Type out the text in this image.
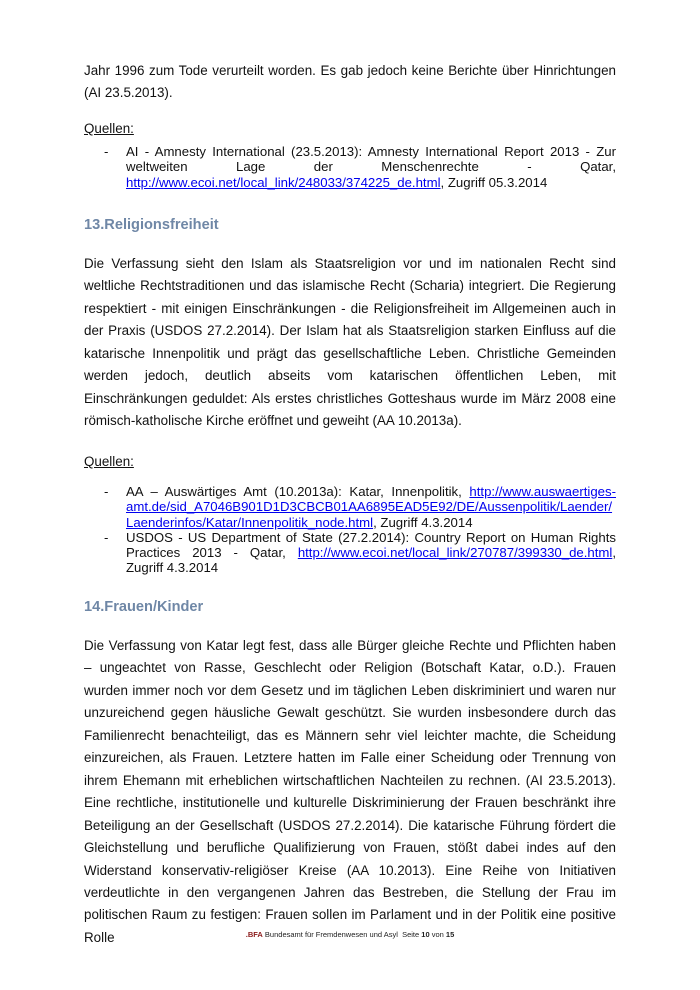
Jahr 1996 zum Tode verurteilt worden. Es gab jedoch keine Berichte über Hinrichtungen (AI 23.5.2013).
Quellen:
- AI - Amnesty International (23.5.2013): Amnesty International Report 2013 - Zur weltweiten Lage der Menschenrechte - Qatar, http://www.ecoi.net/local_link/248033/374225_de.html, Zugriff 05.3.2014
13.Religionsfreiheit
Die Verfassung sieht den Islam als Staatsreligion vor und im nationalen Recht sind weltliche Rechtstraditionen und das islamische Recht (Scharia) integriert. Die Regierung respektiert - mit einigen Einschränkungen - die Religionsfreiheit im Allgemeinen auch in der Praxis (USDOS 27.2.2014). Der Islam hat als Staatsreligion starken Einfluss auf die katarische Innenpolitik und prägt das gesellschaftliche Leben. Christliche Gemeinden werden jedoch, deutlich abseits vom katarischen öffentlichen Leben, mit Einschränkungen geduldet: Als erstes christliches Gotteshaus wurde im März 2008 eine römisch-katholische Kirche eröffnet und geweiht (AA 10.2013a).
Quellen:
- AA – Auswärtiges Amt (10.2013a): Katar, Innenpolitik, http://www.auswaertiges-amt.de/sid_A7046B901D1D3CBCB01AA6895EAD5E92/DE/Aussenpolitik/Laender/Laenderinfos/Katar/Innenpolitik_node.html, Zugriff 4.3.2014
- USDOS - US Department of State (27.2.2014): Country Report on Human Rights Practices 2013 - Qatar, http://www.ecoi.net/local_link/270787/399330_de.html, Zugriff 4.3.2014
14.Frauen/Kinder
Die Verfassung von Katar legt fest, dass alle Bürger gleiche Rechte und Pflichten haben – ungeachtet von Rasse, Geschlecht oder Religion (Botschaft Katar, o.D.). Frauen wurden immer noch vor dem Gesetz und im täglichen Leben diskriminiert und waren nur unzureichend gegen häusliche Gewalt geschützt. Sie wurden insbesondere durch das Familienrecht benachteiligt, das es Männern sehr viel leichter machte, die Scheidung einzureichen, als Frauen. Letztere hatten im Falle einer Scheidung oder Trennung von ihrem Ehemann mit erheblichen wirtschaftlichen Nachteilen zu rechnen. (AI 23.5.2013). Eine rechtliche, institutionelle und kulturelle Diskriminierung der Frauen beschränkt ihre Beteiligung an der Gesellschaft (USDOS 27.2.2014). Die katarische Führung fördert die Gleichstellung und berufliche Qualifizierung von Frauen, stößt dabei indes auf den Widerstand konservativ-religiöser Kreise (AA 10.2013). Eine Reihe von Initiativen verdeutlichte in den vergangenen Jahren das Bestreben, die Stellung der Frau im politischen Raum zu festigen: Frauen sollen im Parlament und in der Politik eine positive Rolle	.BFA Bundesamt für Fremdenwesen und Asyl Seite 10 von 15
